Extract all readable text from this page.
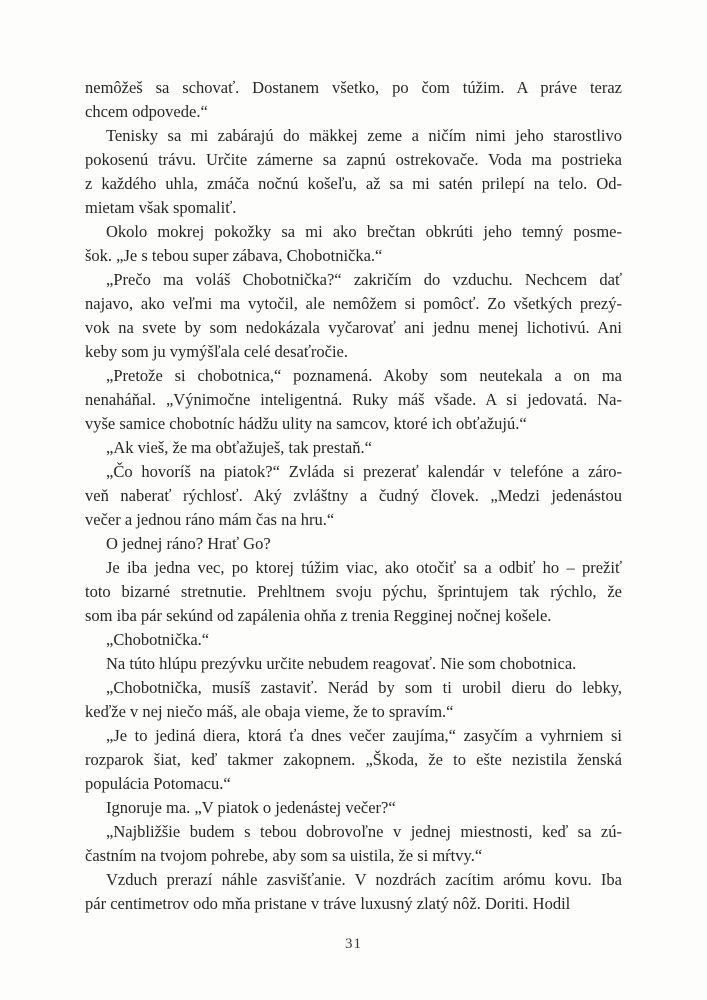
nemôžeš sa schovať. Dostanem všetko, po čom túžim. A práve teraz
chcem odpovede.“
Tenisky sa mi zabárajú do mäkkej zeme a ničím nimi jeho starostlivo
pokosenú trávu. Určite zámerne sa zapnú ostrekovače. Voda ma postrieka
z každého uhla, zmáča nočnú košeľu, až sa mi satén prilepí na telo. Od-
mietam však spomaliť.
Okolo mokrej pokožky sa mi ako brečtan obkrúti jeho temný posme-
šok. „Je s tebou super zábava, Chobotnička.“
„Prečo ma voláš Chobotnička?“ zakričím do vzduchu. Nechcem dať
najavo, ako veľmi ma vytočil, ale nemôžem si pomôcť. Zo všetkých prezý-
vok na svete by som nedokázala vyčarovať ani jednu menej lichotivú. Ani
keby som ju vymýšľala celé desaťročie.
„Pretože si chobotnica,“ poznamená. Akoby som neutekala a on ma
nenaháňal. „Výnimočne inteligentná. Ruky máš všade. A si jedovatá. Na-
vyše samice chobotníc hádžu ulity na samcov, ktoré ich obťažujú.“
„Ak vieš, že ma obťažuješ, tak prestaň.“
„Čo hovoríš na piatok?“ Zvláda si prezerať kalendár v telefóne a záro-
veň naberať rýchlosť. Aký zvláštny a čudný človek. „Medzi jedenástou
večer a jednou ráno mám čas na hru.“
O jednej ráno? Hrať Go?
Je iba jedna vec, po ktorej túžim viac, ako otočiť sa a odbiť ho – prežiť
toto bizarné stretnutie. Prehltnem svoju pýchu, šprintujem tak rýchlo, že
som iba pár sekúnd od zapálenia ohňa z trenia Regginej nočnej košele.
„Chobotnička.“
Na túto hlúpu prezývku určite nebudem reagovať. Nie som chobotnica.
„Chobotnička, musíš zastaviť. Nerád by som ti urobil dieru do lebky,
keďže v nej niečo máš, ale obaja vieme, že to spravím.“
„Je to jediná diera, ktorá ťa dnes večer zaujíma,“ zasyčím a vyhrniem si
rozparok šiat, keď takmer zakopnem. „Škoda, že to ešte nezistila ženská
populácia Potomacu.“
Ignoruje ma. „V piatok o jedenástej večer?“
„Najbližšie budem s tebou dobrovoľne v jednej miestnosti, keď sa zú-
častním na tvojom pohrebe, aby som sa uistila, že si mŕtvy.“
Vzduch prerazí náhle zasvišťanie. V nozdrách zacítim arómu kovu. Iba
pár centimetrov odo mňa pristane v tráve luxusný zlatý nôž. Doriti. Hodil
31
